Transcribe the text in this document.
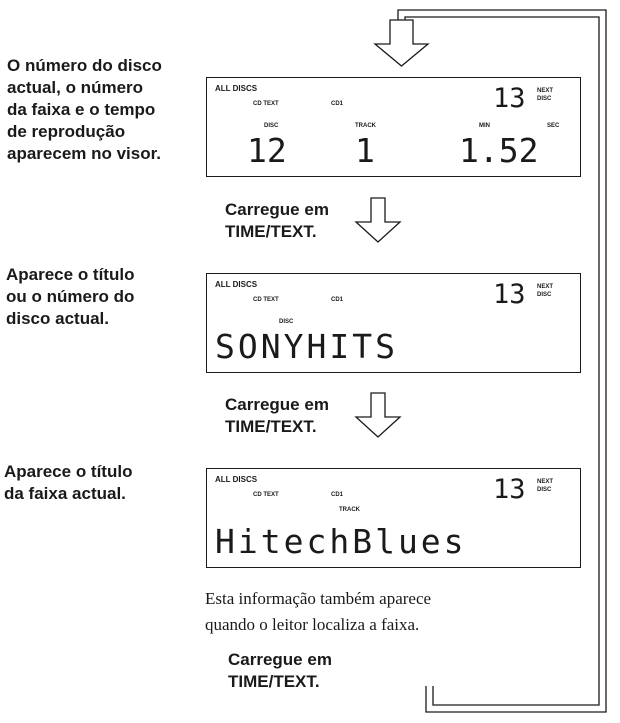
O número do disco
actual, o número
da faixa e o tempo
de reprodução
aparecem no visor.
Aparece o título
ou o número do
disco actual.
Aparece o título
da faixa actual.
Carregue em
TIME/TEXT.
Carregue em
TIME/TEXT.
Carregue em
TIME/TEXT.
Esta informação também aparece
quando o leitor localiza a faixa.
ALL DISCS
CD TEXT	CD1	13 NEXT
DISC
DISC	TRACK	MIN	SEC
12 1	1.52
ALL DISCS
CD TEXT	CD1	13 NEXT
DISC
DISC
SONYHITS
ALL DISCS
CD TEXT	CD1	13 NEXT
DISC
TRACK
HitechBlues
